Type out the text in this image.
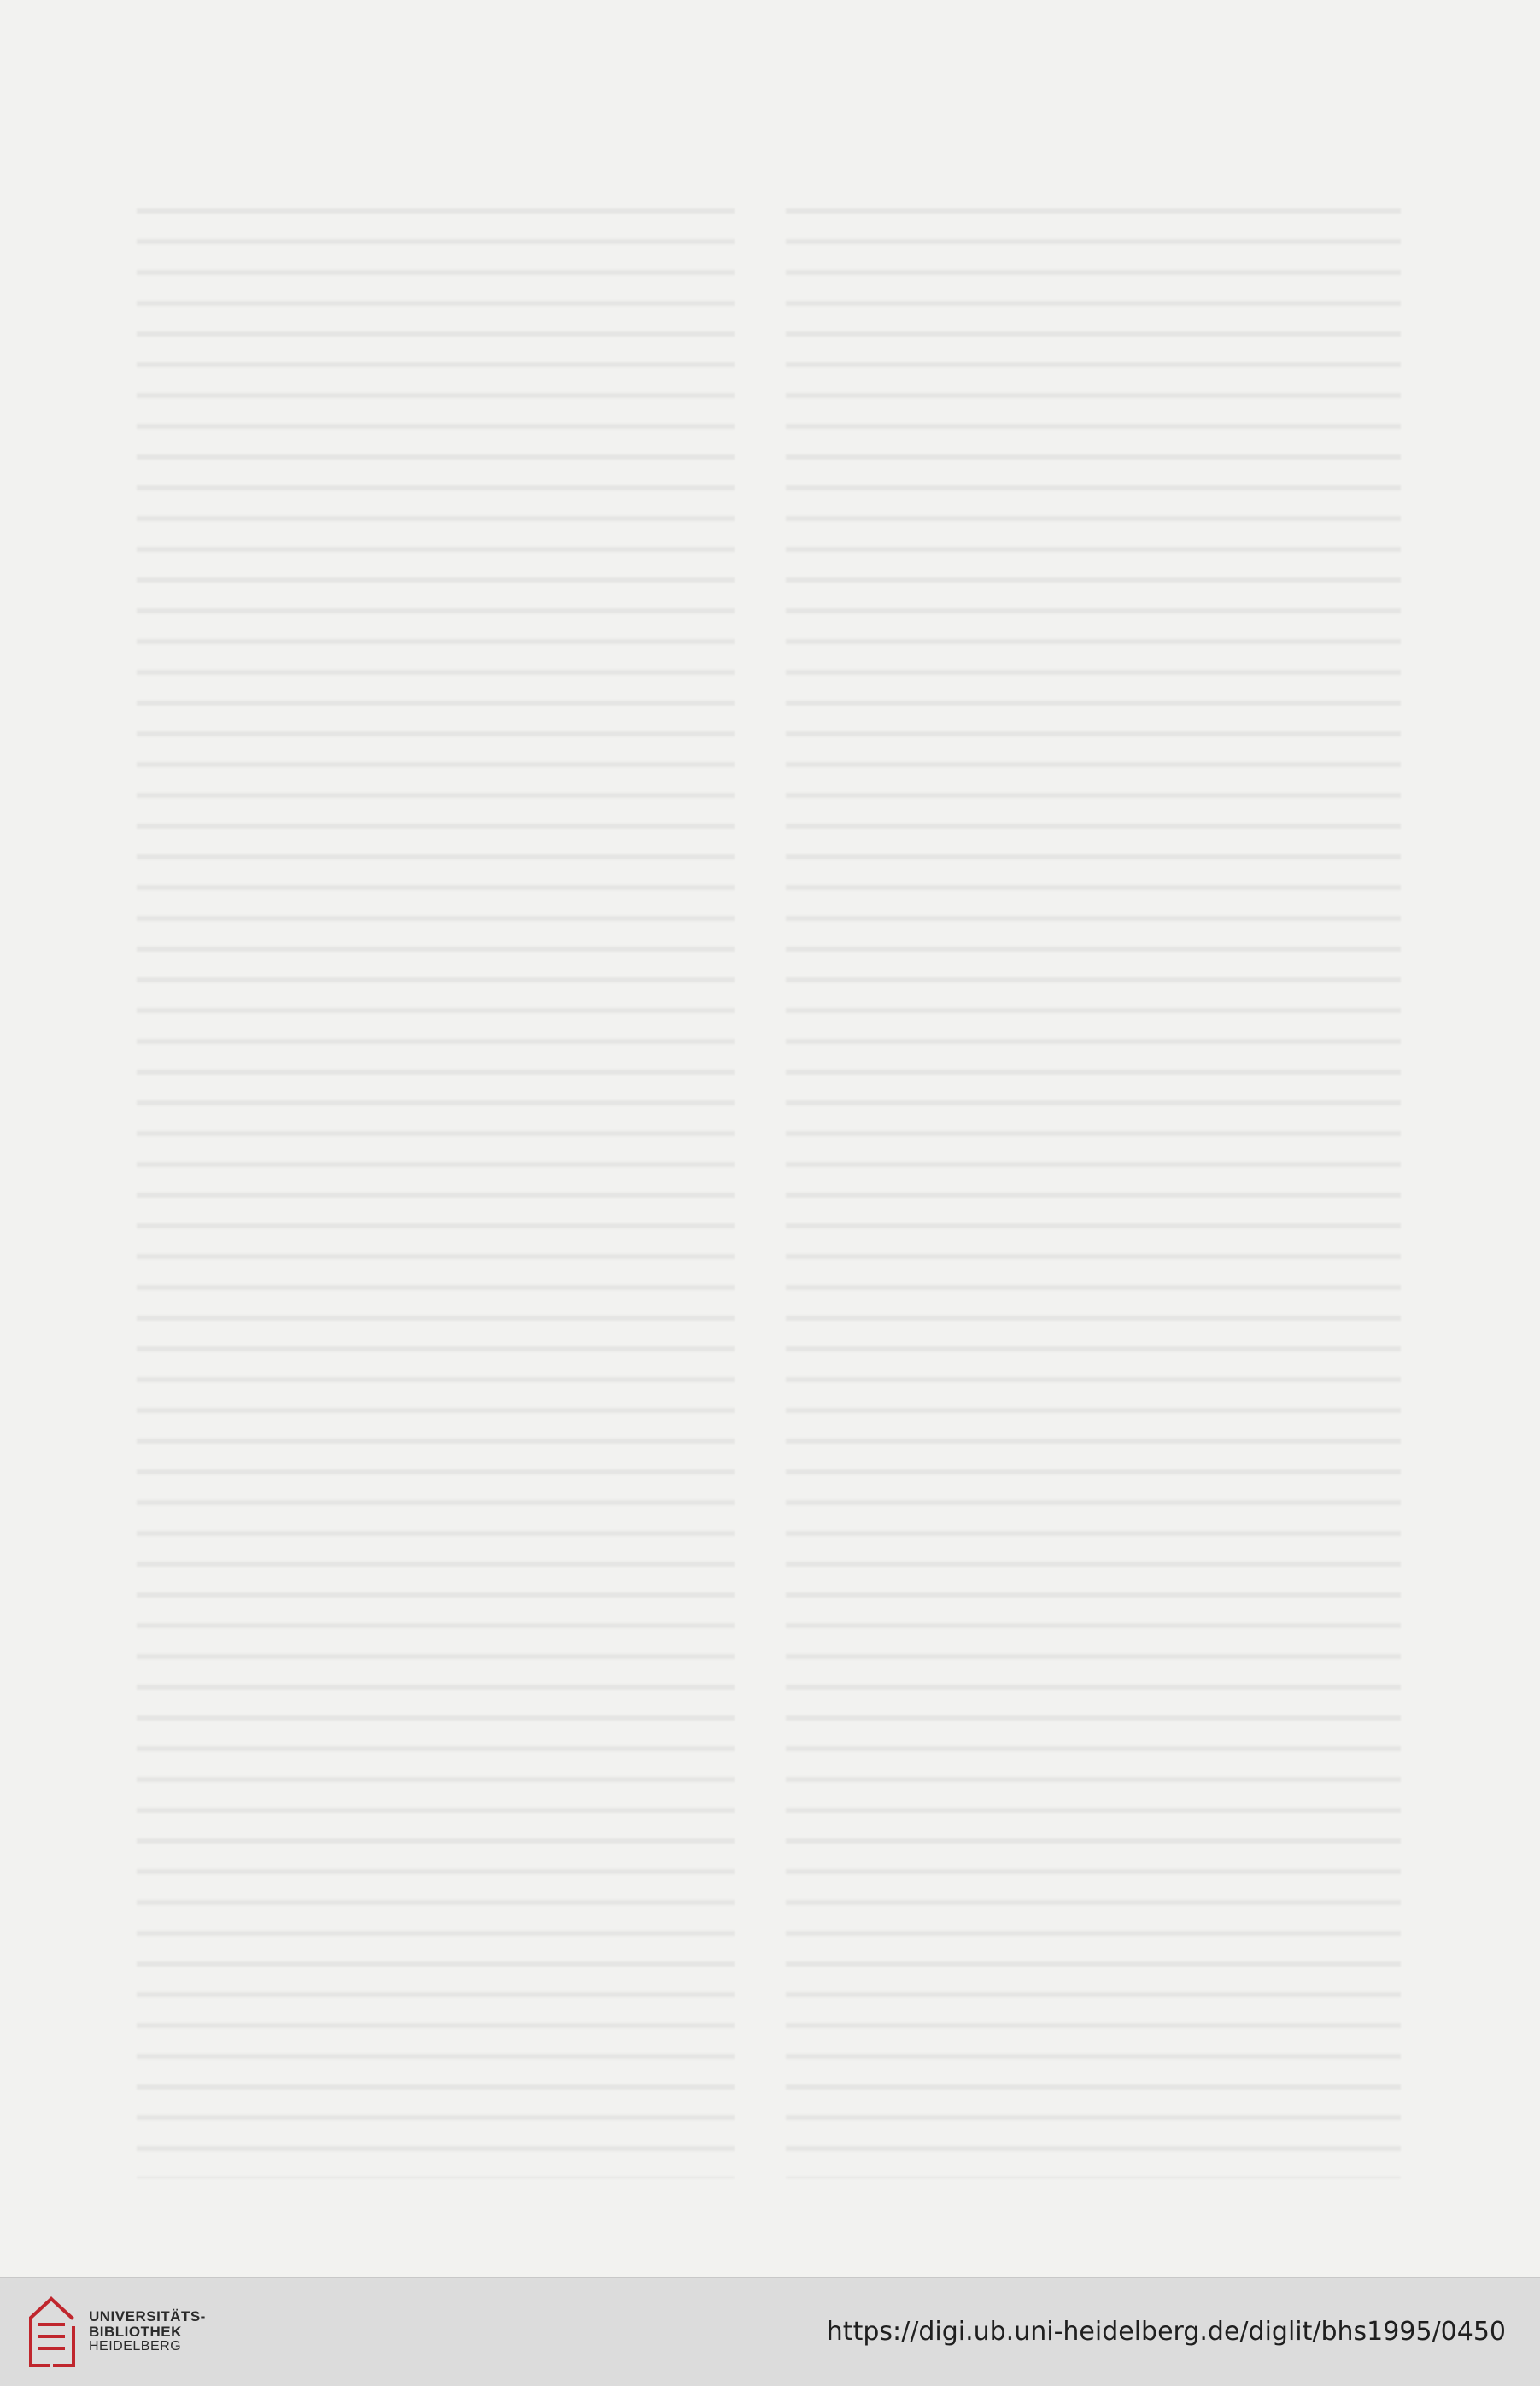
UNIVERSITÄTS-
BIBLIOTHEK
HEIDELBERG	https://digi.ub.uni-heidelberg.de/diglit/bhs1995/0450
